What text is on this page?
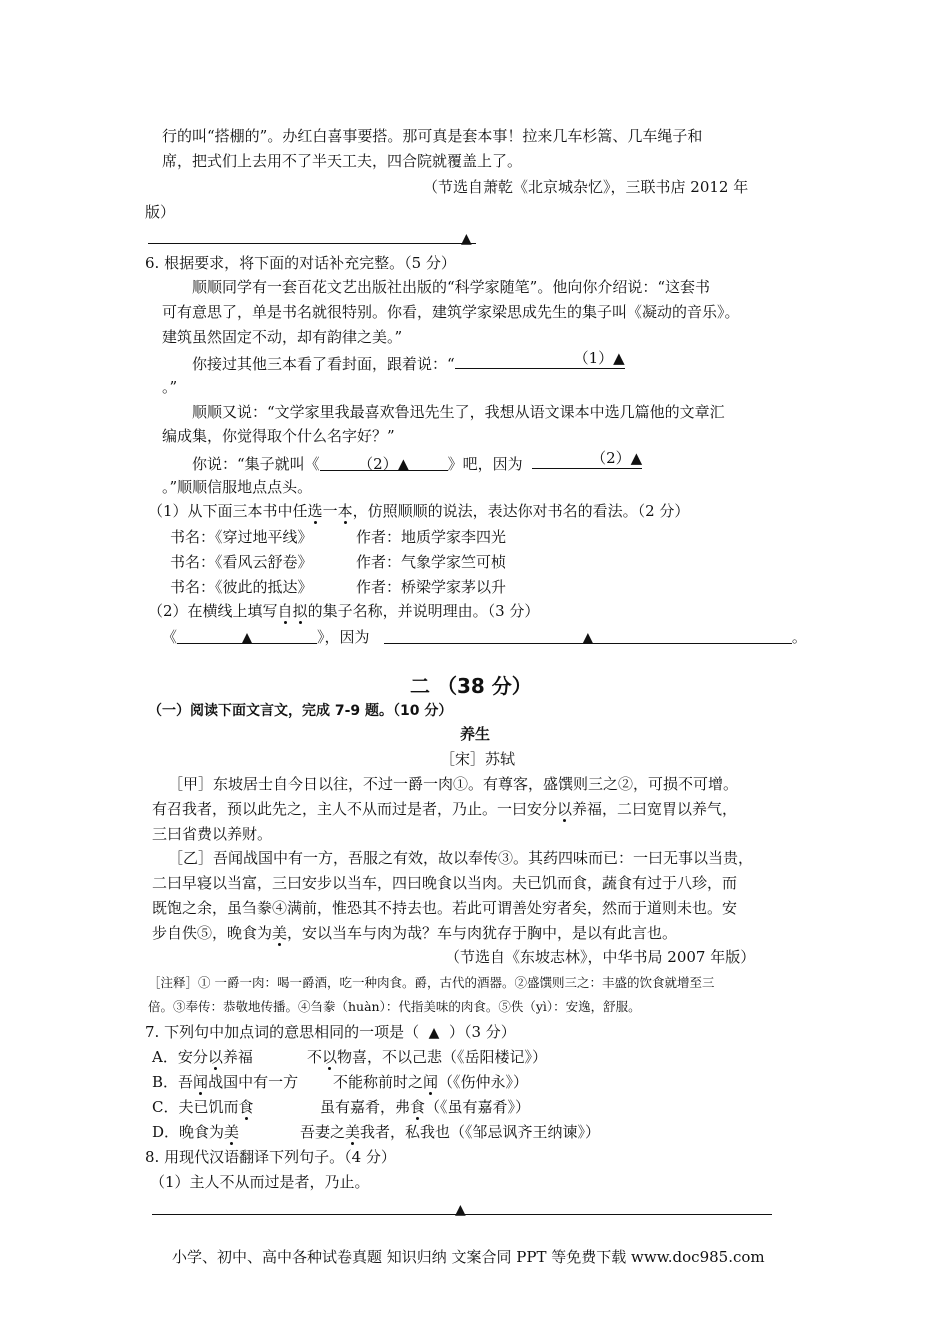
行的叫“搭棚的”。办红白喜事要搭。那可真是套本事！拉来几车杉篙、几车绳子和
席，把式们上去用不了半天工夫，四合院就覆盖上了。
（节选自萧乾《北京城杂忆》，三联书店 2012 年
版）
▲
6. 根据要求，将下面的对话补充完整。（5 分）
顺顺同学有一套百花文艺出版社出版的“科学家随笔”。他向你介绍说：“这套书
可有意思了，单是书名就很特别。你看，建筑学家梁思成先生的集子叫《凝动的音乐》。
建筑虽然固定不动，却有韵律之美。”
你接过其他三本看了看封面，跟着说：“	（1）▲
。”
顺顺又说：“文学家里我最喜欢鲁迅先生了，我想从语文课本中选几篇他的文章汇
编成集，你觉得取个什么名字好？”
你说：“集子就叫《	（2）▲	》吧，因为	（2）▲
。”顺顺信服地点点头。
（1）从下面三本书中任选一本，仿照顺顺的说法，表达你对书名的看法。（2 分）
书名：《穿过地平线》	作者：地质学家李四光
书名：《看风云舒卷》	作者：气象学家竺可桢
书名：《彼此的抵达》	作者：桥梁学家茅以升
（2）在横线上填写自拟的集子名称，并说明理由。（3 分）
《	▲	》，因为	▲	。
二 （38 分）
（一）阅读下面文言文，完成 7-9 题。（10 分）
养生
［宋］苏轼
［甲］东坡居士自今日以往，不过一爵一肉①。有尊客，盛馔则三之②，可损不可增。
有召我者，预以此先之，主人不从而过是者，乃止。一曰安分以养福，二曰宽胃以养气，
三曰省费以养财。
［乙］吾闻战国中有一方，吾服之有效，故以奉传③。其药四味而已：一曰无事以当贵，
二曰早寝以当富，三曰安步以当车，四曰晚食以当肉。夫已饥而食，蔬食有过于八珍，而
既饱之余，虽刍豢④满前，惟恐其不持去也。若此可谓善处穷者矣，然而于道则未也。安
步自佚⑤，晚食为美，安以当车与肉为哉？车与肉犹存于胸中，是以有此言也。
（节选自《东坡志林》，中华书局 2007 年版）
［注释］① 一爵一肉：喝一爵酒，吃一种肉食。爵，古代的酒器。②盛馔则三之：丰盛的饮食就增至三
倍。③奉传：恭敬地传播。④刍豢（huàn）：代指美味的肉食。⑤佚（yì）：安逸，舒服。
7. 下列句中加点词的意思相同的一项是（ ▲ ）（3 分）
A．安分以养福	不以物喜，不以己悲（《岳阳楼记》）
B．吾闻战国中有一方 不能称前时之闻（《伤仲永》）
C．夫已饥而食	虽有嘉肴，弗食（《虽有嘉肴》）
D．晚食为美	吾妻之美我者，私我也（《邹忌讽齐王纳谏》）
8. 用现代汉语翻译下列句子。（4 分）
（1）主人不从而过是者，乃止。
▲
小学、初中、高中各种试卷真题 知识归纳 文案合同 PPT 等免费下载 www.doc985.com
